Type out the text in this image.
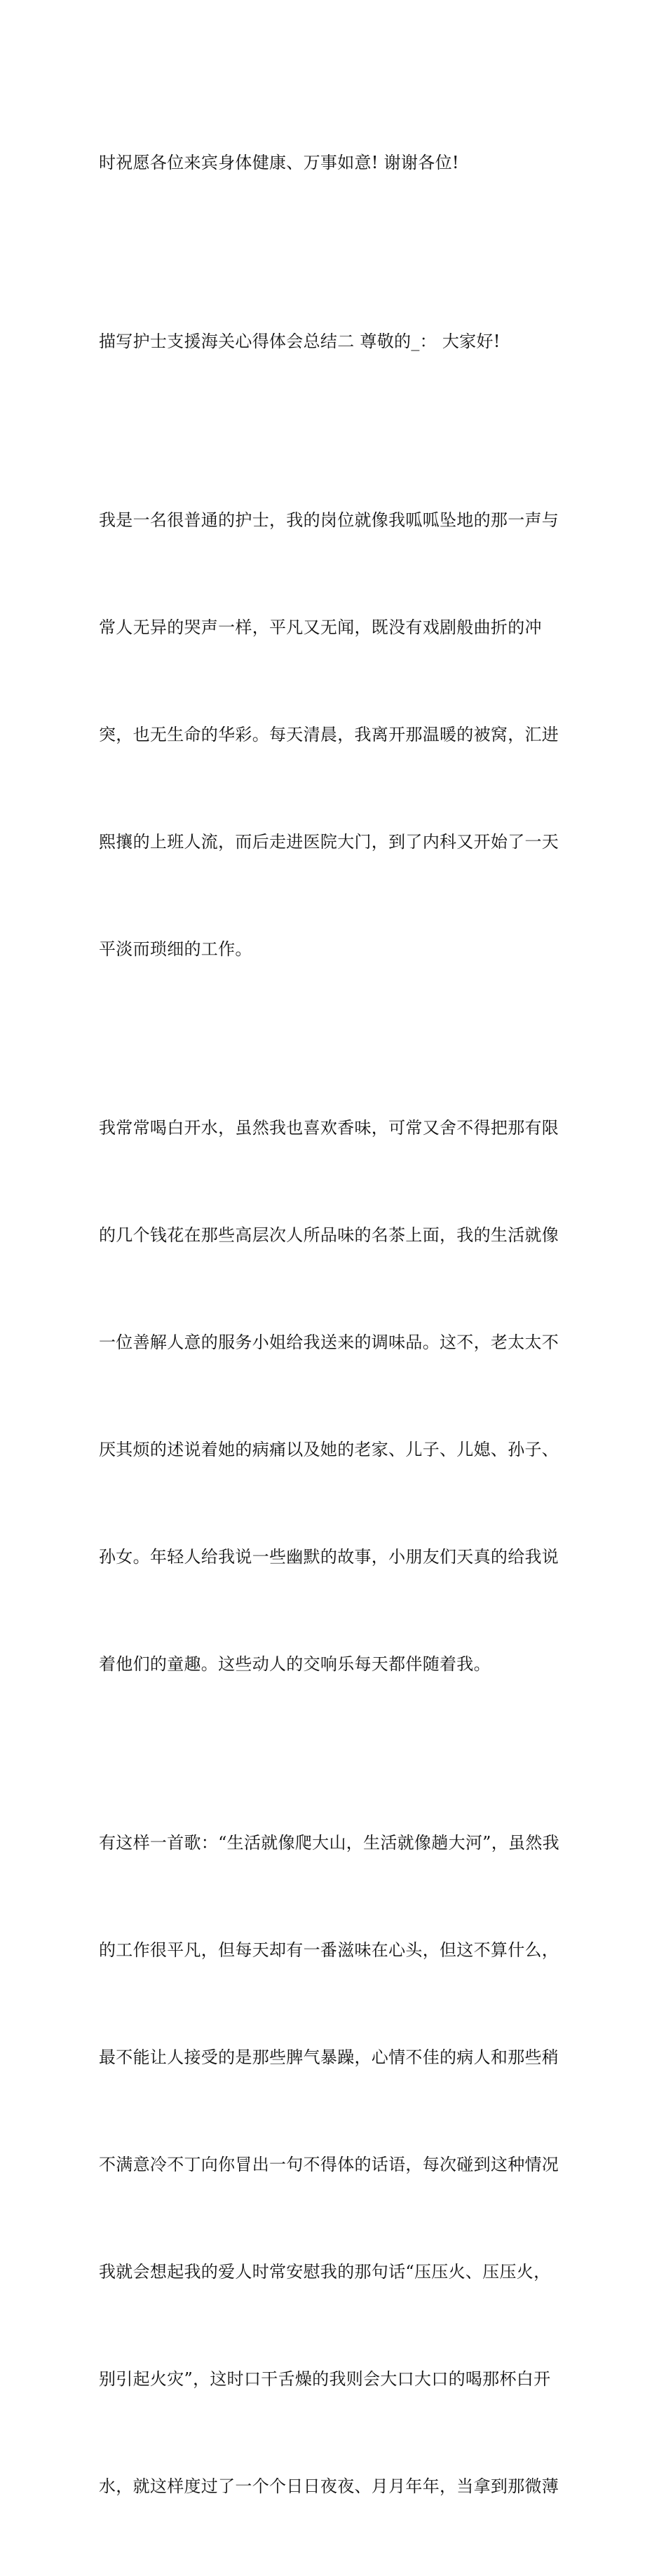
时祝愿各位来宾身体健康、万事如意! 谢谢各位!

描写护士支援海关心得体会总结二 尊敬的_： 大家好!

我是一名很普通的护士，我的岗位就像我呱呱坠地的那一声与

常人无异的哭声一样，平凡又无闻，既没有戏剧般曲折的冲

突，也无生命的华彩。每天清晨，我离开那温暖的被窝，汇进

熙攘的上班人流，而后走进医院大门，到了内科又开始了一天

平淡而琐细的工作。

我常常喝白开水，虽然我也喜欢香味，可常又舍不得把那有限

的几个钱花在那些高层次人所品味的名茶上面，我的生活就像

一位善解人意的服务小姐给我送来的调味品。这不，老太太不

厌其烦的述说着她的病痛以及她的老家、儿子、儿媳、孙子、

孙女。年轻人给我说一些幽默的故事，小朋友们天真的给我说

着他们的童趣。这些动人的交响乐每天都伴随着我。

有这样一首歌：“生活就像爬大山，生活就像趟大河”，虽然我

的工作很平凡，但每天却有一番滋味在心头，但这不算什么，

最不能让人接受的是那些脾气暴躁，心情不佳的病人和那些稍

不满意冷不丁向你冒出一句不得体的话语，每次碰到这种情况

我就会想起我的爱人时常安慰我的那句话“压压火、压压火，

别引起火灾”，这时口干舌燥的我则会大口大口的喝那杯白开

水，就这样度过了一个个日日夜夜、月月年年，当拿到那微薄
